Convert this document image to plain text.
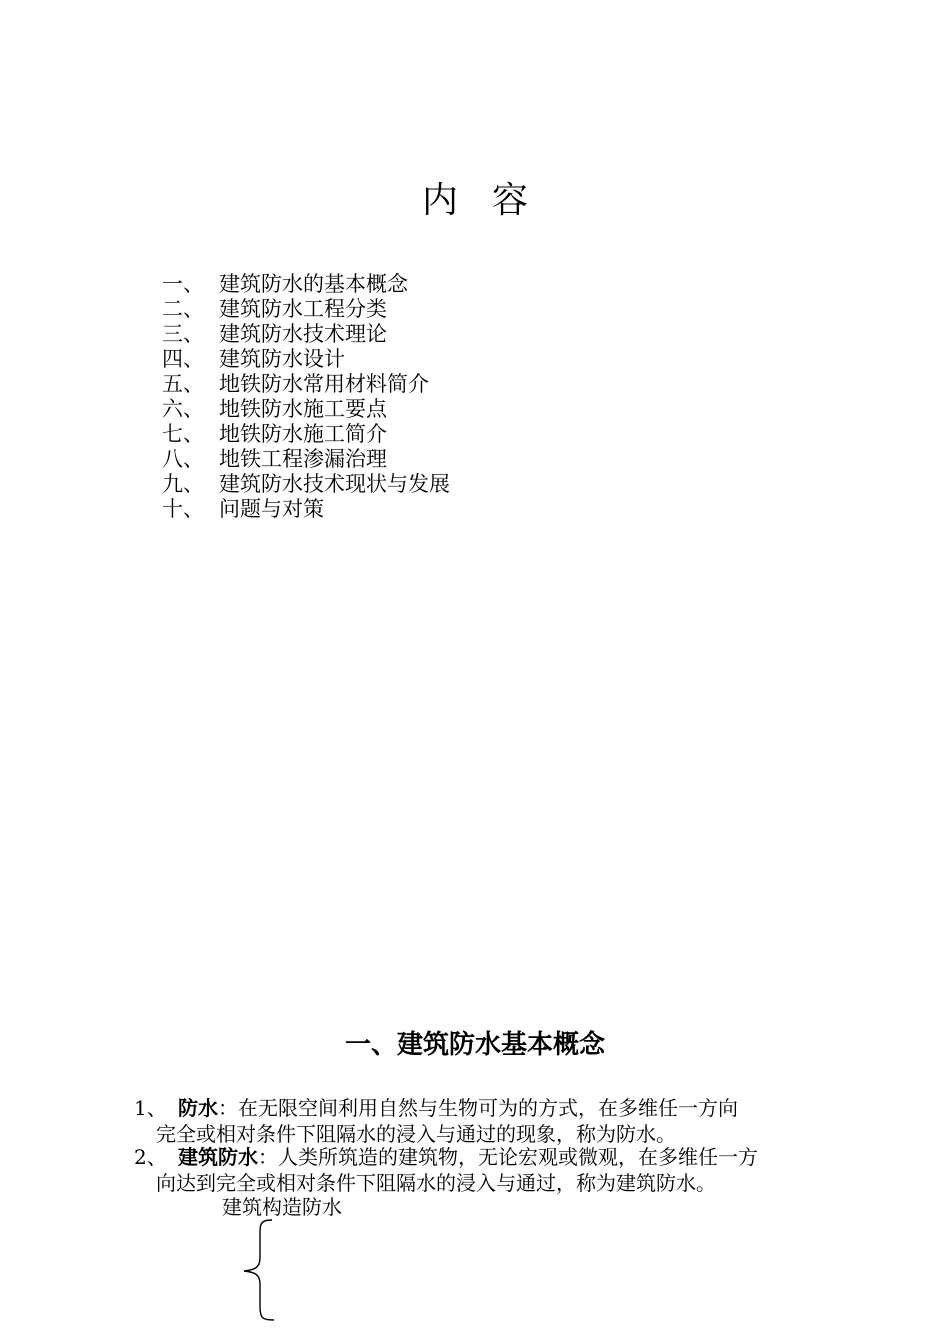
内容
一、 建筑防水的基本概念
二、 建筑防水工程分类
三、 建筑防水技术理论
四、 建筑防水设计
五、 地铁防水常用材料简介
六、 地铁防水施工要点
七、 地铁防水施工简介
八、 地铁工程渗漏治理
九、 建筑防水技术现状与发展
十、 问题与对策
一、建筑防水基本概念
1、 防水：在无限空间利用自然与生物可为的方式，在多维任一方向
完全或相对条件下阻隔水的浸入与通过的现象，称为防水。
2、 建筑防水：人类所筑造的建筑物，无论宏观或微观，在多维任一方
向达到完全或相对条件下阻隔水的浸入与通过，称为建筑防水。
建筑构造防水
